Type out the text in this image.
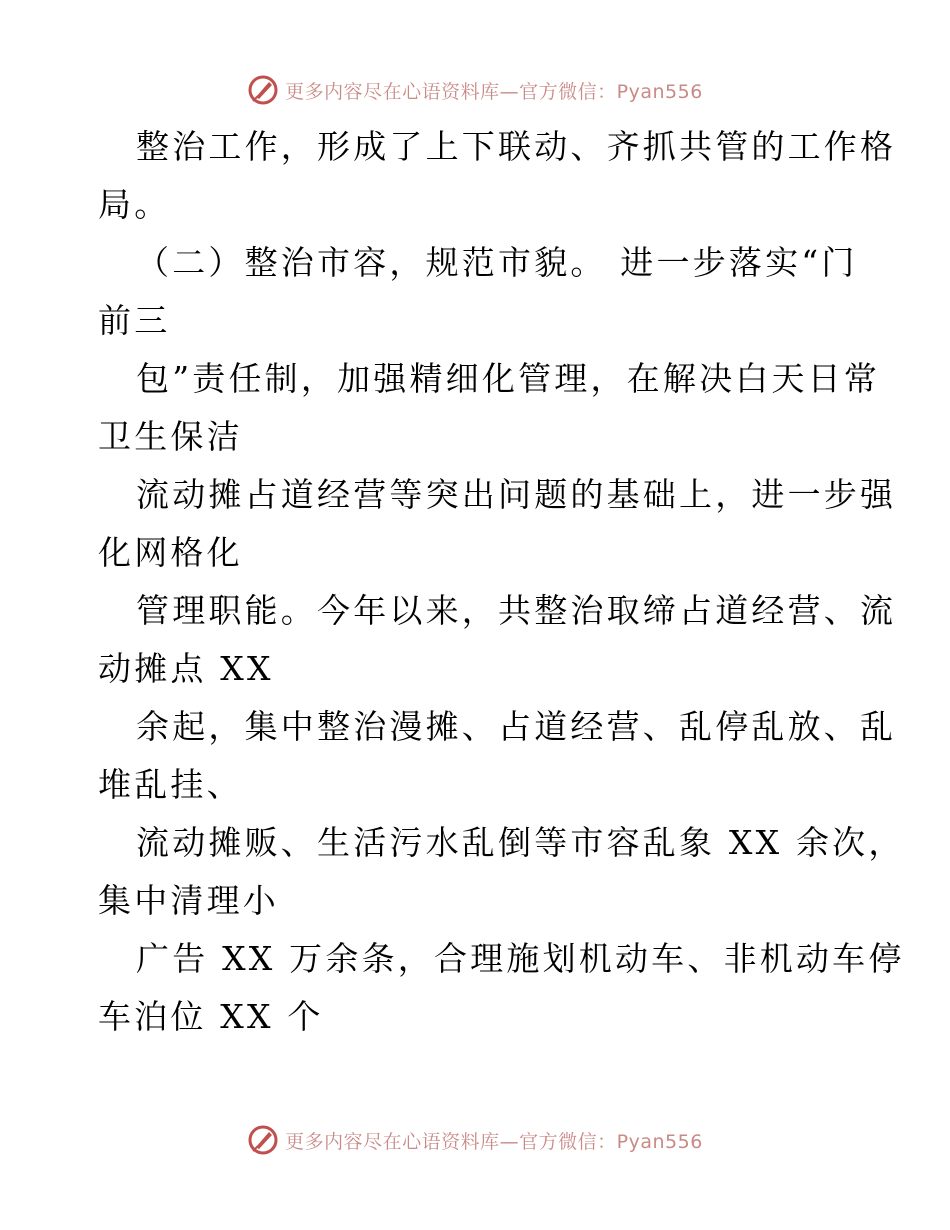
更多内容尽在心语资料库—官方微信：Pyan556
整治工作，形成了上下联动、齐抓共管的工作格
局。
（二）整治市容，规范市貌。 进一步落实“门
前三
包”责任制，加强精细化管理，在解决白天日常
卫生保洁
流动摊占道经营等突出问题的基础上，进一步强
化网格化
管理职能。今年以来，共整治取缔占道经营、流
动摊点 XX
余起，集中整治漫摊、占道经营、乱停乱放、乱
堆乱挂、
流动摊贩、生活污水乱倒等市容乱象 XX 余次，
集中清理小
广告 XX 万余条，合理施划机动车、非机动车停
车泊位 XX 个
更多内容尽在心语资料库—官方微信：Pyan556
